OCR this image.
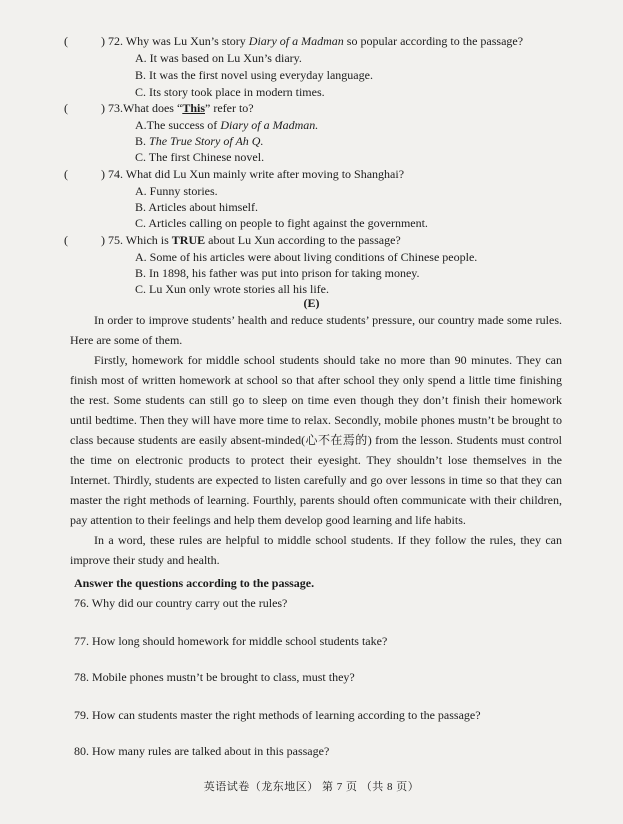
(	) 72. Why was Lu Xun’s story Diary of a Madman so popular according to the passage?
A. It was based on Lu Xun’s diary.
B. It was the first novel using everyday language.
C. Its story took place in modern times.
(	) 73.What does “This” refer to?
A.The success of Diary of a Madman.
B. The True Story of Ah Q.
C. The first Chinese novel.
(	) 74. What did Lu Xun mainly write after moving to Shanghai?
A. Funny stories.
B. Articles about himself.
C. Articles calling on people to fight against the government.
(	) 75. Which is TRUE about Lu Xun according to the passage?
A. Some of his articles were about living conditions of Chinese people.
B. In 1898, his father was put into prison for taking money.
C. Lu Xun only wrote stories all his life.
(E)

In order to improve students’ health and reduce students’ pressure, our country made some rules. Here are some of them.

Firstly, homework for middle school students should take no more than 90 minutes. They can finish most of written homework at school so that after school they only spend a little time finishing the rest. Some students can still go to sleep on time even though they don’t finish their homework until bedtime. Then they will have more time to relax. Secondly, mobile phones mustn’t be brought to class because students are easily absent-minded(心不在焉的) from the lesson. Students must control the time on electronic products to protect their eyesight. They shouldn’t lose themselves in the Internet. Thirdly, students are expected to listen carefully and go over lessons in time so that they can master the right methods of learning. Fourthly, parents should often communicate with their children, pay attention to their feelings and help them develop good learning and life habits.

In a word, these rules are helpful to middle school students. If they follow the rules, they can improve their study and health.

Answer the questions according to the passage.
76. Why did our country carry out the rules?
77. How long should homework for middle school students take?
78. Mobile phones mustn’t be brought to class, must they?
79. How can students master the right methods of learning according to the passage?
80. How many rules are talked about in this passage?
英语试卷（龙东地区） 第 7 页 （共 8 页）
